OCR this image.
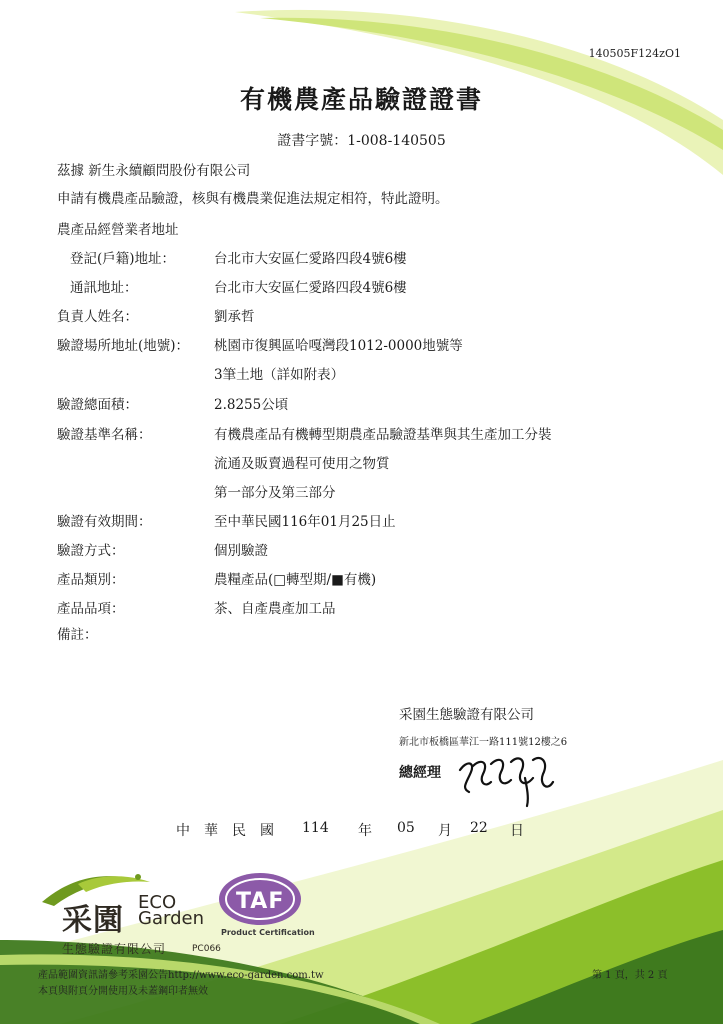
140505F124zO1
有機農產品驗證證書
證書字號：1-008-140505
茲據 新生永續顧問股份有限公司
申請有機農產品驗證，核與有機農業促進法規定相符，特此證明。
農產品經營業者地址
登記(戶籍)地址：	台北市大安區仁愛路四段4號6樓
通訊地址：	台北市大安區仁愛路四段4號6樓
負責人姓名：	劉承哲
驗證場所地址(地號)： 桃園市復興區哈嘎灣段1012-0000地號等
3筆土地（詳如附表）
驗證總面積：	2.8255公頃
驗證基準名稱：	有機農產品有機轉型期農產品驗證基準與其生產加工分裝
流通及販賣過程可使用之物質
第一部分及第三部分
驗證有效期間：	至中華民國116年01月25日止
驗證方式：	個別驗證
產品類別：	農糧產品(□轉型期/■有機)
產品品項：	茶、自產農產加工品
備註：
采園生態驗證有限公司
新北市板橋區華江一路111號12樓之6
總經理
中　華　民　國 114 年 05 月 22 日
采園
ECO
Garden
生態驗證有限公司	PC066
TAF
Product Certification
產品範圍資訊請參考采園公告http://www.eco-garden.com.tw
本頁與附頁分開使用及未蓋鋼印者無效
第 1 頁，共 2 頁
